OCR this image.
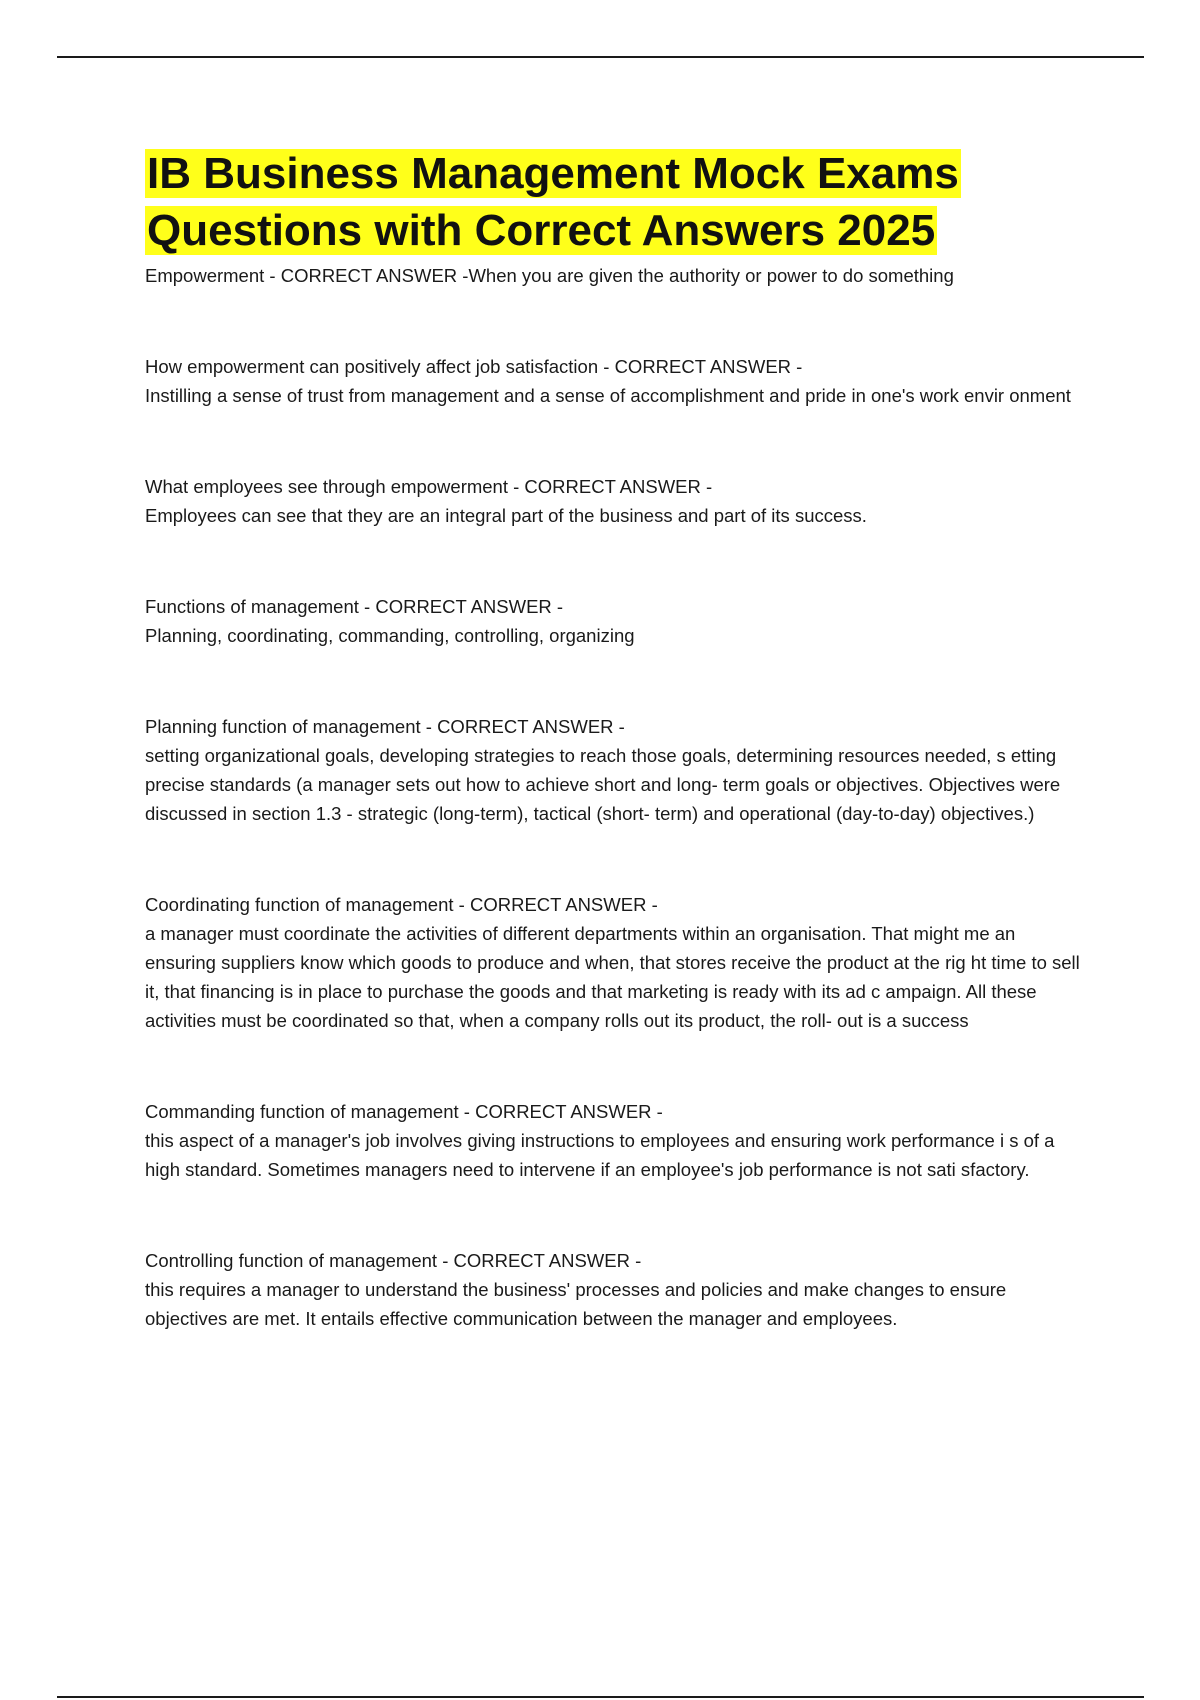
IB Business Management Mock Exams
Questions with Correct Answers 2025
Empowerment - CORRECT ANSWER -When you are given the authority or power to do something
How empowerment can positively affect job satisfaction - CORRECT ANSWER -
Instilling a sense of trust from management and a sense of accomplishment and pride in one's work envir onment
What employees see through empowerment - CORRECT ANSWER -
Employees can see that they are an integral part of the business and part of its success.
Functions of management - CORRECT ANSWER -
Planning, coordinating, commanding, controlling, organizing
Planning function of management - CORRECT ANSWER -
setting organizational goals, developing strategies to reach those goals, determining resources needed, s etting precise standards (a manager sets out how to achieve short and long- term goals or objectives. Objectives were discussed in section 1.3 - strategic (long-term), tactical (short- term) and operational (day-to-day) objectives.)
Coordinating function of management - CORRECT ANSWER -
a manager must coordinate the activities of different departments within an organisation. That might me an ensuring suppliers know which goods to produce and when, that stores receive the product at the rig ht time to sell it, that financing is in place to purchase the goods and that marketing is ready with its ad c ampaign. All these activities must be coordinated so that, when a company rolls out its product, the roll- out is a success
Commanding function of management - CORRECT ANSWER -
this aspect of a manager's job involves giving instructions to employees and ensuring work performance i s of a high standard. Sometimes managers need to intervene if an employee's job performance is not sati sfactory.
Controlling function of management - CORRECT ANSWER -
this requires a manager to understand the business' processes and policies and make changes to ensure objectives are met. It entails effective communication between the manager and employees.
